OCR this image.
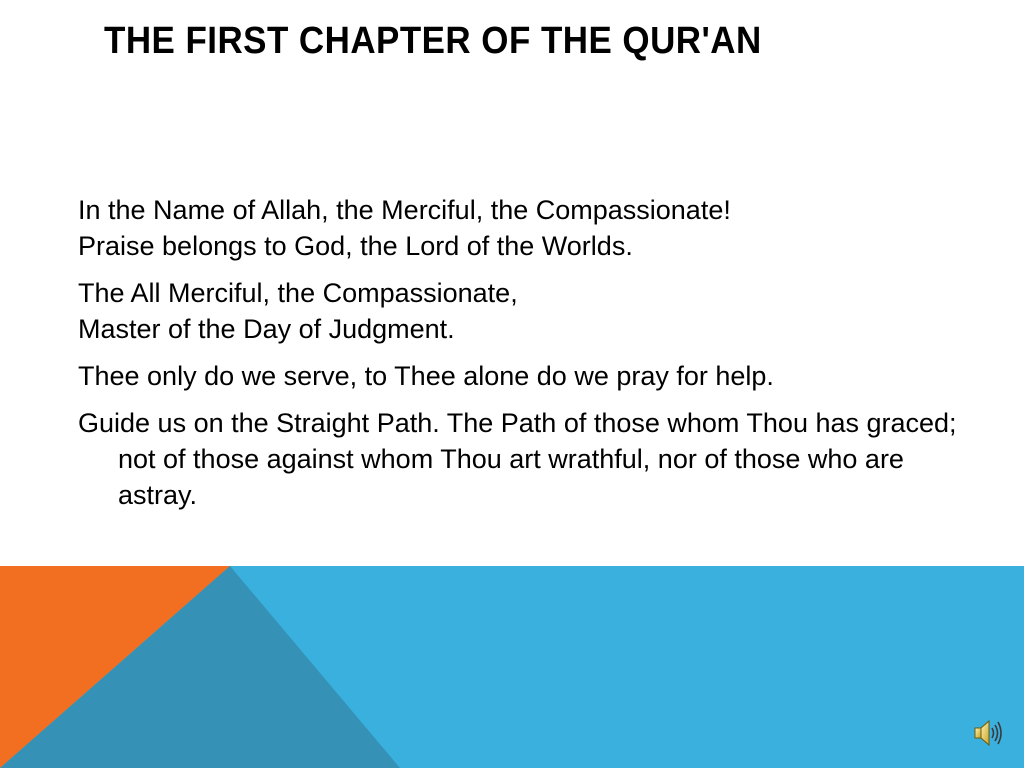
THE FIRST CHAPTER OF THE QUR'AN

In the Name of Allah, the Merciful, the Compassionate!
Praise belongs to God, the Lord of the Worlds.

The All Merciful, the Compassionate,
Master of the Day of Judgment.

Thee only do we serve, to Thee alone do we pray for help.

Guide us on the Straight Path. The Path of those whom Thou has graced; not of those against whom Thou art wrathful, nor of those who are astray.
